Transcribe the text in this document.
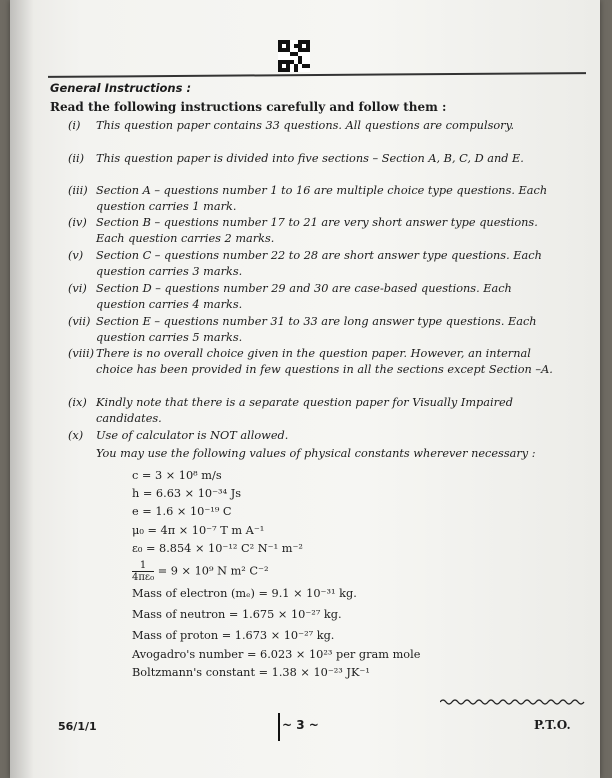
General Instructions :
Read the following instructions carefully and follow them :
(i) This question paper contains 33 questions. All questions are compulsory.
(ii) This question paper is divided into five sections – Section A, B, C, D and E.
(iii) Section A – questions number 1 to 16 are multiple choice type questions. Each question carries 1 mark.
(iv) Section B – questions number 17 to 21 are very short answer type questions. Each question carries 2 marks.
(v) Section C – questions number 22 to 28 are short answer type questions. Each question carries 3 marks.
(vi) Section D – questions number 29 and 30 are case-based questions. Each question carries 4 marks.
(vii) Section E – questions number 31 to 33 are long answer type questions. Each question carries 5 marks.
(viii) There is no overall choice given in the question paper. However, an internal choice has been provided in few questions in all the sections except Section –A.
(ix) Kindly note that there is a separate question paper for Visually Impaired candidates.
(x) Use of calculator is NOT allowed.
You may use the following values of physical constants wherever necessary :
c = 3 × 10⁸ m/s
h = 6.63 × 10⁻³⁴ Js
e = 1.6 × 10⁻¹⁹ C
μ₀ = 4π × 10⁻⁷ T m A⁻¹
ε₀ = 8.854 × 10⁻¹² C² N⁻¹ m⁻²
$\frac{1}{\text{4πε₀}} = 9 \times 10^9$ N m² C⁻²
Mass of electron (mₑ) = 9.1 × 10⁻³¹ kg.
Mass of neutron = 1.675 × 10⁻²⁷ kg.
Mass of proton = 1.673 × 10⁻²⁷ kg.
Avogadro's number = 6.023 × 10²³ per gram mole
Boltzmann's constant = 1.38 × 10⁻²³ JK⁻¹
56/1/1	~ 3 ~	P.T.O.
